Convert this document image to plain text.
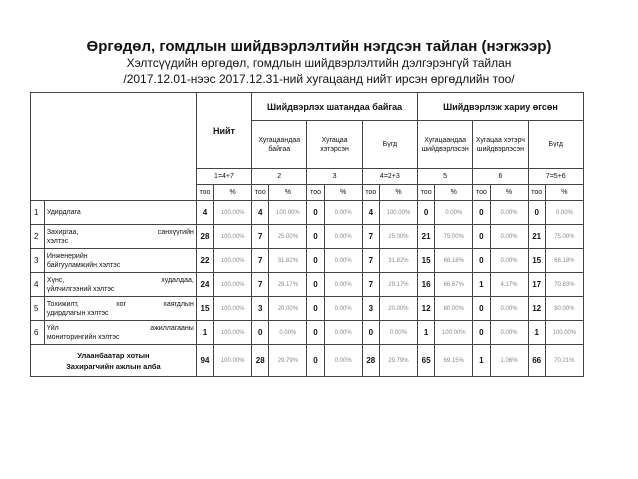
Өргөдөл, гомдлын шийдвэрлэлтийн нэгдсэн тайлан (нэгжээр)
Хэлтсүүдийн өргөдөл, гомдлын шийдвэрлэлтийн дэлгэрэнгүй тайлан
/2017.12.01-нээс 2017.12.31-ний хугацаанд нийт ирсэн өргөдлийн тоо/
		Нийт		Шийдвэрлэх шатандаа байгаа						Шийдвэрлэж хариу өгсөн					
				Хугацаандаа байгаа		Хугацаа хэтэрсэн		Бүгд		Хугацаандаа шийдвэрлэсэн		Хугацаа хэтэрч шийдвэрлэсэн		Бүгд	
		1=4+7		2		3		4=2+3		5		6		7=5+6	
		тоо	%	тоо	%	тоо	%	тоо	%	тоо	%	тоо	%	тоо	%
1	Удирдлага	4	100.00%	4	100.00%	0	0.00%	4	100.00%	0	0.00%	0	0.00%	0	0.00%
2	Захиргаа, санхүүгийн
хэлтэс	28	100.00%	7	25.00%	0	0.00%	7	25.00%	21	75.00%	0	0.00%	21	75.00%
3	Инженерийн
байгууламжийн хэлтэс	22	100.00%	7	31.82%	0	0.00%	7	31.82%	15	68.18%	0	0.00%	15	68.18%
4	Хүнс, худалдаа,
үйлчилгээний хэлтэс	24	100.00%	7	29.17%	0	0.00%	7	29.17%	16	66.67%	1	4.17%	17	70.83%
5	Тохижилт, хог хаягдлын
удирдлагын хэлтэс	15	100.00%	3	20.00%	0	0.00%	3	20.00%	12	80.00%	0	0.00%	12	80.00%
6	Үйл ажиллагааны
мониторингийн хэлтэс	1	100.00%	0	0.00%	0	0.00%	0	0.00%	1	100.00%	0	0.00%	1	100.00%

Улаанбаатар хотын
Захирагчийн ажлын алба		94	100.00%	28	29.79%	0	0.00%	28	29.79%	65	69.15%	1	1.06%	66	70.21%
